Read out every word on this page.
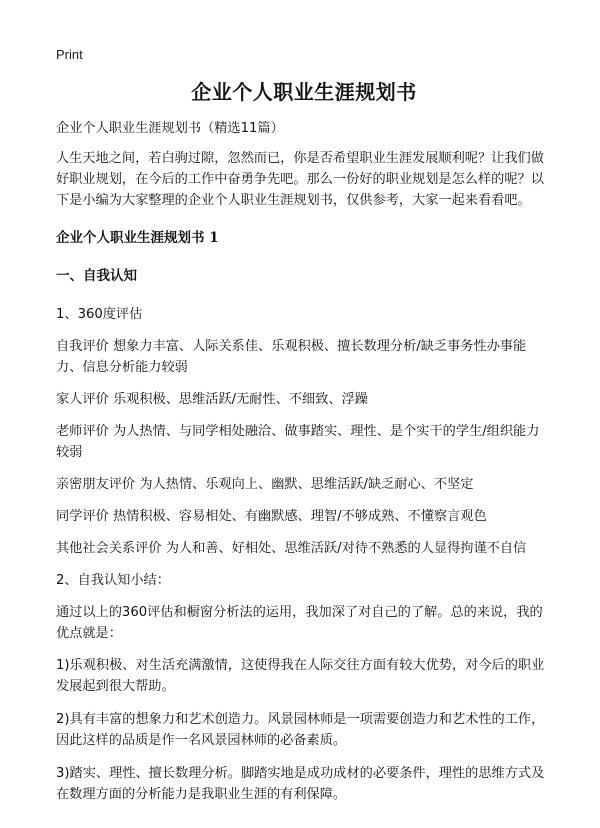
Print
企业个人职业生涯规划书

企业个人职业生涯规划书（精选11篇）

人生天地之间，若白驹过隙，忽然而已，你是否希望职业生涯发展顺利呢？让我们做好职业规划，在今后的工作中奋勇争先吧。那么一份好的职业规划是怎么样的呢？以下是小编为大家整理的企业个人职业生涯规划书，仅供参考，大家一起来看看吧。

企业个人职业生涯规划书 1

一、自我认知

1、360度评估

自我评价 想象力丰富、人际关系佳、乐观积极、擅长数理分析/缺乏事务性办事能力、信息分析能力较弱

家人评价 乐观积极、思维活跃/无耐性、不细致、浮躁

老师评价 为人热情、与同学相处融洽、做事踏实、理性、是个实干的学生/组织能力较弱

亲密朋友评价 为人热情、乐观向上、幽默、思维活跃/缺乏耐心、不坚定

同学评价 热情积极、容易相处、有幽默感、理智/不够成熟、不懂察言观色

其他社会关系评价 为人和善、好相处、思维活跃/对待不熟悉的人显得拘谨不自信

2、自我认知小结：

通过以上的360评估和橱窗分析法的运用，我加深了对自己的了解。总的来说，我的优点就是：

1)乐观积极、对生活充满激情，这使得我在人际交往方面有较大优势，对今后的职业发展起到很大帮助。

2)具有丰富的想象力和艺术创造力。风景园林师是一项需要创造力和艺术性的工作，因此这样的品质是作一名风景园林师的必备素质。

3)踏实、理性、擅长数理分析。脚踏实地是成功成材的必要条件，理性的思维方式及在数理方面的分析能力是我职业生涯的有利保障。
